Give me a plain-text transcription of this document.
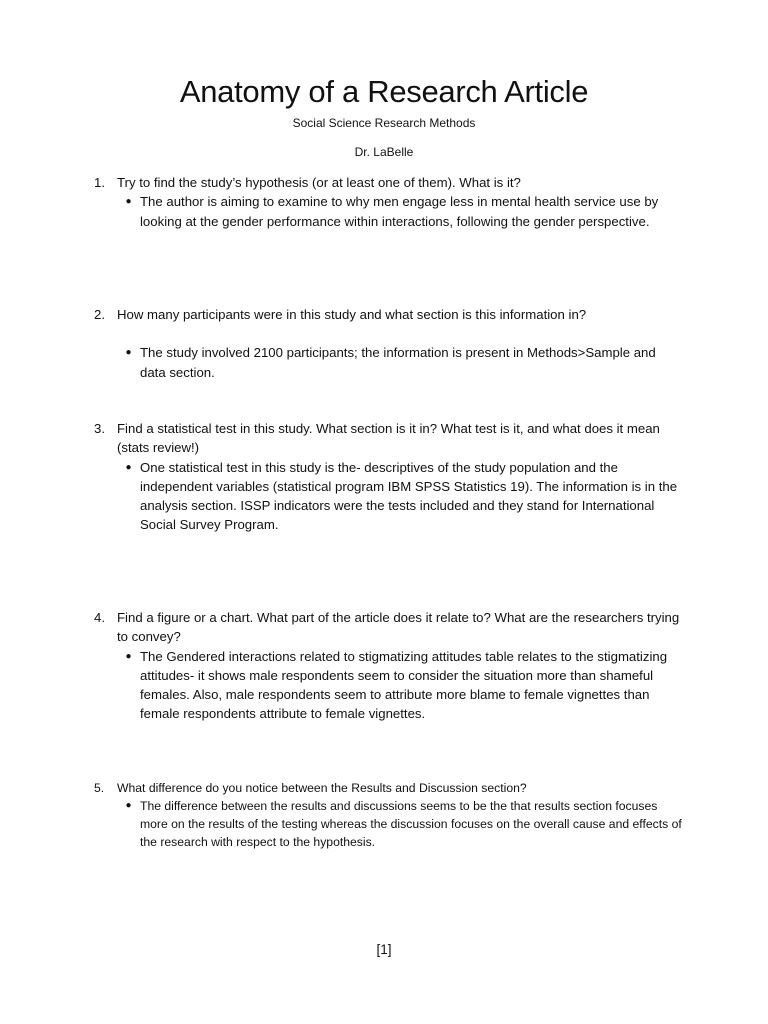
Anatomy of a Research Article
Social Science Research Methods
Dr. LaBelle
1. Try to find the study’s hypothesis (or at least one of them). What is it?
● The author is aiming to examine to why men engage less in mental health service use by looking at the gender performance within interactions, following the gender perspective.
2. How many participants were in this study and what section is this information in?
● The study involved 2100 participants; the information is present in Methods>Sample and data section.
3. Find a statistical test in this study. What section is it in? What test is it, and what does it mean (stats review!)
● One statistical test in this study is the- descriptives of the study population and the independent variables (statistical program IBM SPSS Statistics 19). The information is in the analysis section. ISSP indicators were the tests included and they stand for International Social Survey Program.
4. Find a figure or a chart. What part of the article does it relate to? What are the researchers trying to convey?
● The Gendered interactions related to stigmatizing attitudes table relates to the stigmatizing attitudes- it shows male respondents seem to consider the situation more than shameful females. Also, male respondents seem to attribute more blame to female vignettes than female respondents attribute to female vignettes.
5.	What difference do you notice between the Results and Discussion section?
● The difference between the results and discussions seems to be the that results section focuses more on the results of the testing whereas the discussion focuses on the overall cause and effects of the research with respect to the hypothesis.
[1]
